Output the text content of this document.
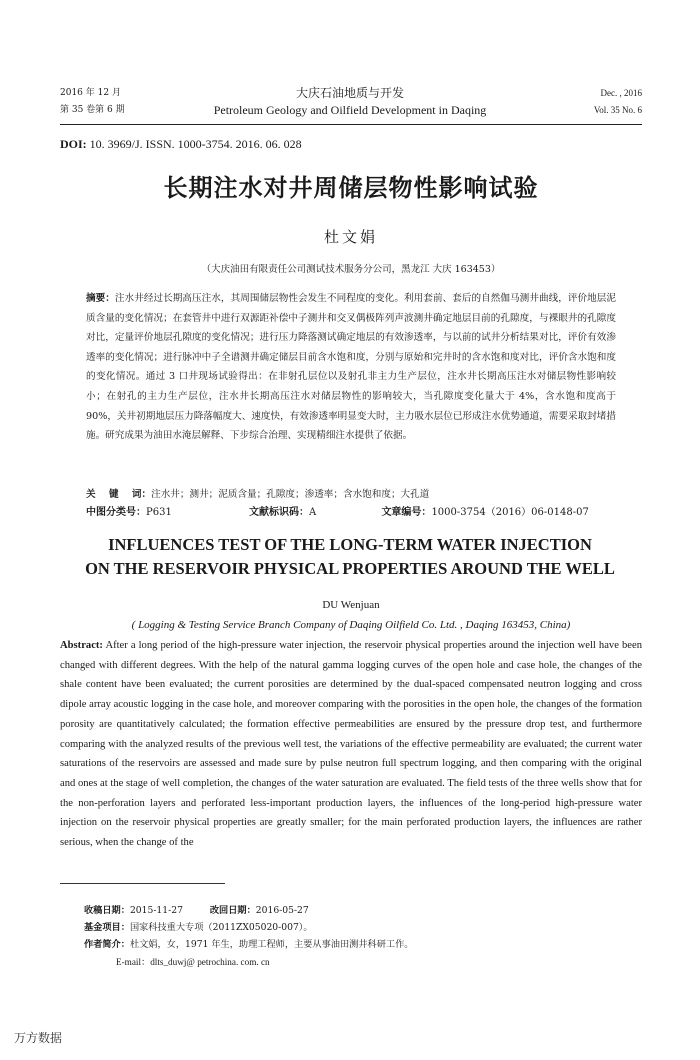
2016 年 12 月
第 35 卷第 6 期
大庆石油地质与开发
Petroleum Geology and Oilfield Development in Daqing
Dec. , 2016
Vol. 35 No. 6
DOI: 10. 3969/J. ISSN. 1000-3754. 2016. 06. 028
长期注水对井周储层物性影响试验
杜文娟
（大庆油田有限责任公司测试技术服务分公司，黑龙江 大庆 163453）
摘要：注水井经过长期高压注水，其周围储层物性会发生不同程度的变化。利用套前、套后的自然伽马测井曲线，评价地层泥质含量的变化情况；在套管井中进行双源距补偿中子测井和交叉偶极阵列声波测井确定地层目前的孔隙度，与裸眼井的孔隙度对比，定量评价地层孔隙度的变化情况；进行压力降落测试确定地层的有效渗透率，与以前的试井分析结果对比，评价有效渗透率的变化情况；进行脉冲中子全谱测井确定储层目前含水饱和度，分别与原始和完井时的含水饱和度对比，评价含水饱和度的变化情况。通过 3 口井现场试验得出：在非射孔层位以及射孔非主力生产层位，注水井长期高压注水对储层物性影响较小；在射孔的主力生产层位，注水井长期高压注水对储层物性的影响较大，当孔隙度变化量大于 4%，含水饱和度高于 90%，关井初期地层压力降落幅度大、速度快，有效渗透率明显变大时，主力吸水层位已形成注水优势通道，需要采取封堵措施。研究成果为油田水淹层解释、下步综合治理、实现精细注水提供了依据。
关    键    词：注水井；测井；泥质含量；孔隙度；渗透率；含水饱和度；大孔道
中图分类号：P631	文献标识码：A	文章编号：1000-3754（2016）06-0148-07
INFLUENCES TEST OF THE LONG-TERM WATER INJECTION
ON THE RESERVOIR PHYSICAL PROPERTIES AROUND THE WELL
DU Wenjuan
( Logging & Testing Service Branch Company of Daqing Oilfield Co. Ltd. , Daqing 163453, China)
Abstract: After a long period of the high-pressure water injection, the reservoir physical properties around the injection well have been changed with different degrees. With the help of the natural gamma logging curves of the open hole and case hole, the changes of the shale content have been evaluated; the current porosities are determined by the dual-spaced compensated neutron logging and cross dipole array acoustic logging in the case hole, and moreover comparing with the porosities in the open hole, the changes of the formation porosity are quantitatively calculated; the formation effective permeabilities are ensured by the pressure drop test, and furthermore comparing with the analyzed results of the previous well test, the variations of the effective permeability are evaluated; the current water saturations of the reservoirs are assessed and made sure by pulse neutron full spectrum logging, and then comparing with the original and ones at the stage of well completion, the changes of the water saturation are evaluated. The field tests of the three wells show that for the non-perforation layers and perforated less-important production layers, the influences of the long-period high-pressure water injection on the reservoir physical properties are greatly smaller; for the main perforated production layers, the influences are rather serious, when the change of the
收稿日期：2015-11-27	改回日期：2016-05-27
基金项目：国家科技重大专项（2011ZX05020-007）。
作者简介：杜文娟，女，1971 年生，助理工程师，主要从事油田测井科研工作。
E-mail：dlts_duwj@ petrochina. com. cn
万方数据
